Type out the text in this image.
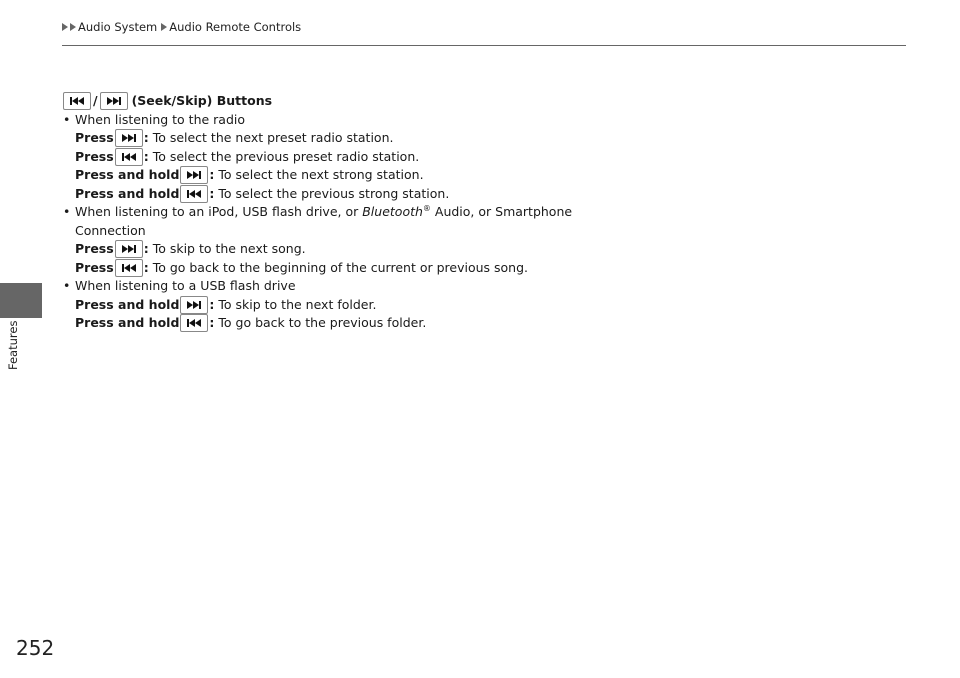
Audio System Audio Remote Controls
Features
252
/	(Seek/Skip) Buttons
• When listening to the radio
Press : To select the next preset radio station.
Press : To select the previous preset radio station.
Press and hold : To select the next strong station.
Press and hold : To select the previous strong station.
• When listening to an iPod, USB flash drive, or Bluetooth® Audio, or Smartphone
Connection
Press : To skip to the next song.
Press : To go back to the beginning of the current or previous song.
• When listening to a USB flash drive
Press and hold : To skip to the next folder.
Press and hold : To go back to the previous folder.
